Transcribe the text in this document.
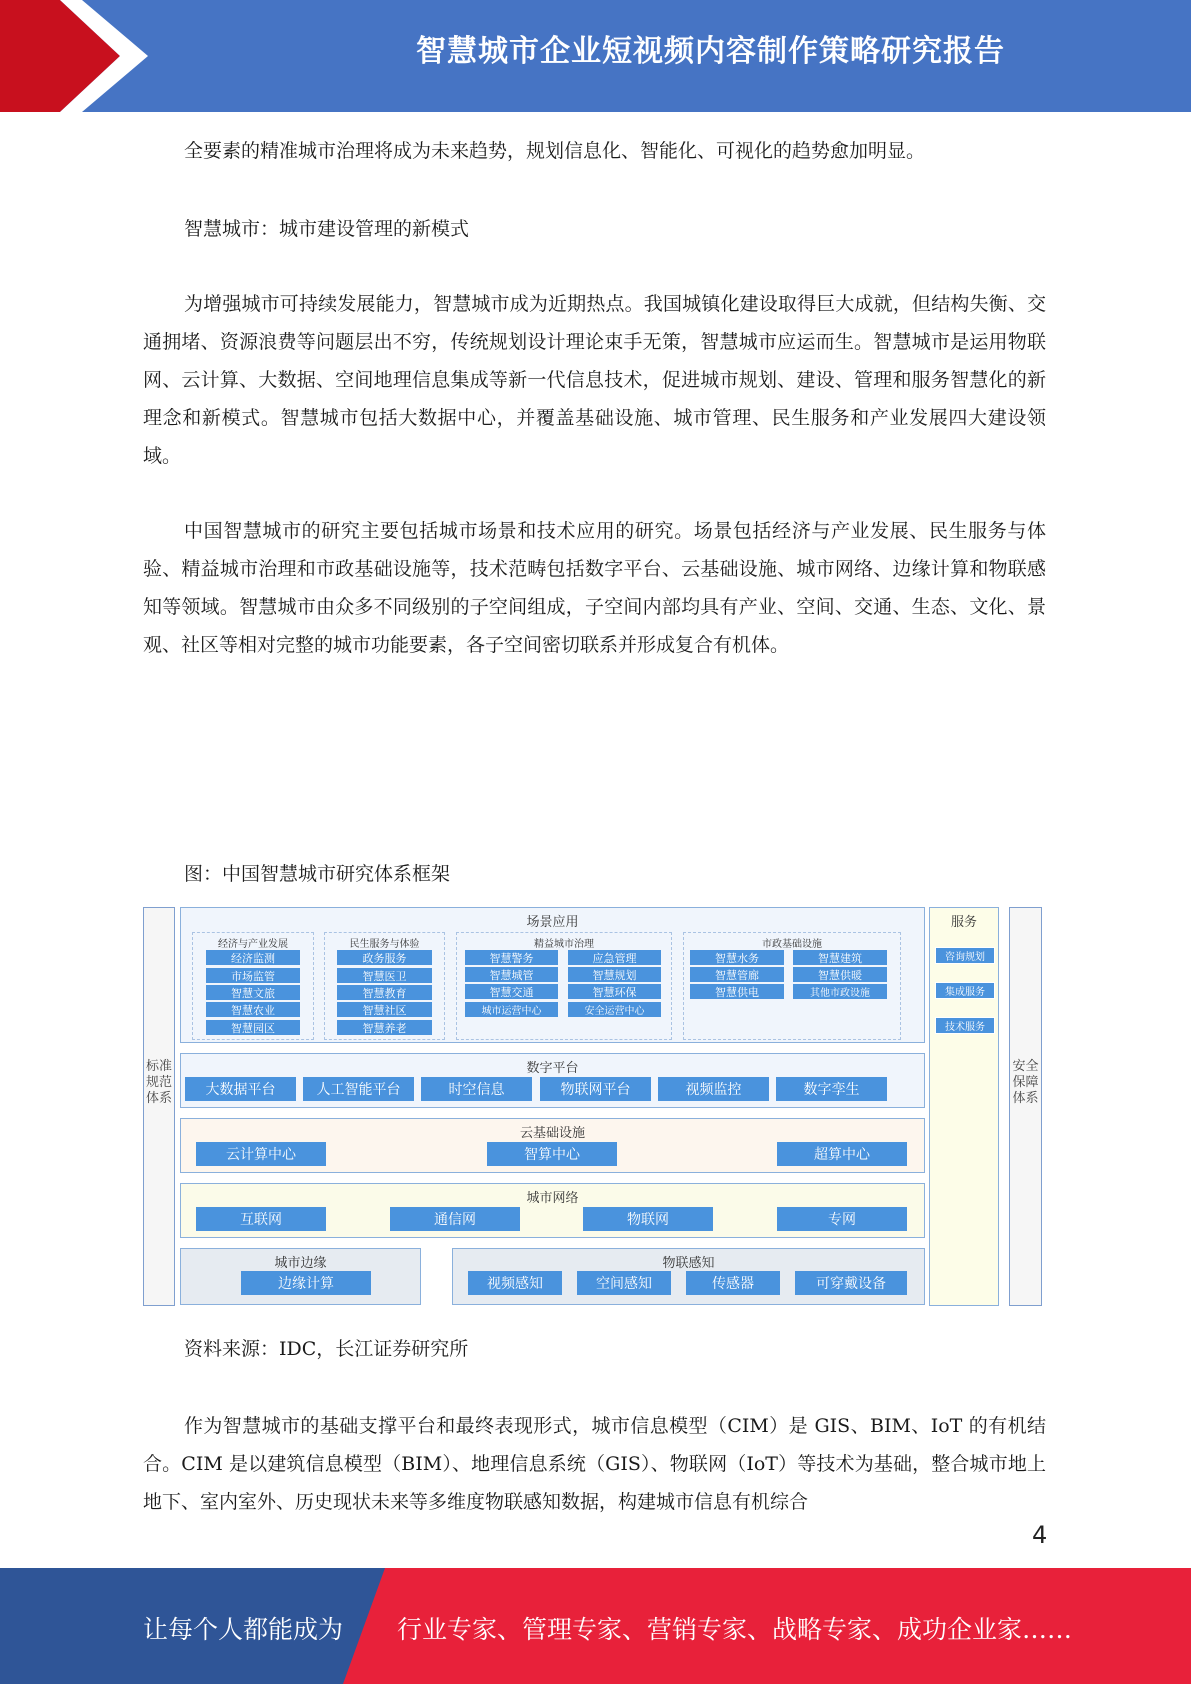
智慧城市企业短视频内容制作策略研究报告
全要素的精准城市治理将成为未来趋势，规划信息化、智能化、可视化的趋势愈加明显。
智慧城市：城市建设管理的新模式
为增强城市可持续发展能力，智慧城市成为近期热点。我国城镇化建设取得巨大成就，但结构失衡、交通拥堵、资源浪费等问题层出不穷，传统规划设计理论束手无策，智慧城市应运而生。智慧城市是运用物联网、云计算、大数据、空间地理信息集成等新一代信息技术，促进城市规划、建设、管理和服务智慧化的新理念和新模式。智慧城市包括大数据中心，并覆盖基础设施、城市管理、民生服务和产业发展四大建设领域。
中国智慧城市的研究主要包括城市场景和技术应用的研究。场景包括经济与产业发展、民生服务与体验、精益城市治理和市政基础设施等，技术范畴包括数字平台、云基础设施、城市网络、边缘计算和物联感知等领域。智慧城市由众多不同级别的子空间组成，子空间内部均具有产业、空间、交通、生态、文化、景观、社区等相对完整的城市功能要素，各子空间密切联系并形成复合有机体。
图：中国智慧城市研究体系框架
标准规范体系
安全保障体系
服务
咨询规划
集成服务
技术服务
场景应用
经济与产业发展
经济监测
市场监管
智慧文旅
智慧农业
智慧园区
民生服务与体验
政务服务
智慧医卫
智慧教育
智慧社区
智慧养老
精益城市治理
智慧警务	应急管理
智慧城管	智慧规划
智慧交通	智慧环保
城市运营中心	安全运营中心
市政基础设施
智慧水务	智慧建筑
智慧管廊	智慧供暖
智慧供电	其他市政设施
数字平台
大数据平台	人工智能平台	时空信息	物联网平台	视频监控	数字孪生
云基础设施
云计算中心	智算中心	超算中心
城市网络
互联网	通信网	物联网	专网
城市边缘
边缘计算
物联感知
视频感知	空间感知	传感器	可穿戴设备
资料来源：IDC，长江证券研究所
作为智慧城市的基础支撑平台和最终表现形式，城市信息模型（CIM）是 GIS、BIM、IoT 的有机结合。CIM 是以建筑信息模型（BIM）、地理信息系统（GIS）、物联网（IoT）等技术为基础，整合城市地上地下、室内室外、历史现状未来等多维度物联感知数据，构建城市信息有机综合
4
让每个人都能成为 行业专家、管理专家、营销专家、战略专家、成功企业家……
